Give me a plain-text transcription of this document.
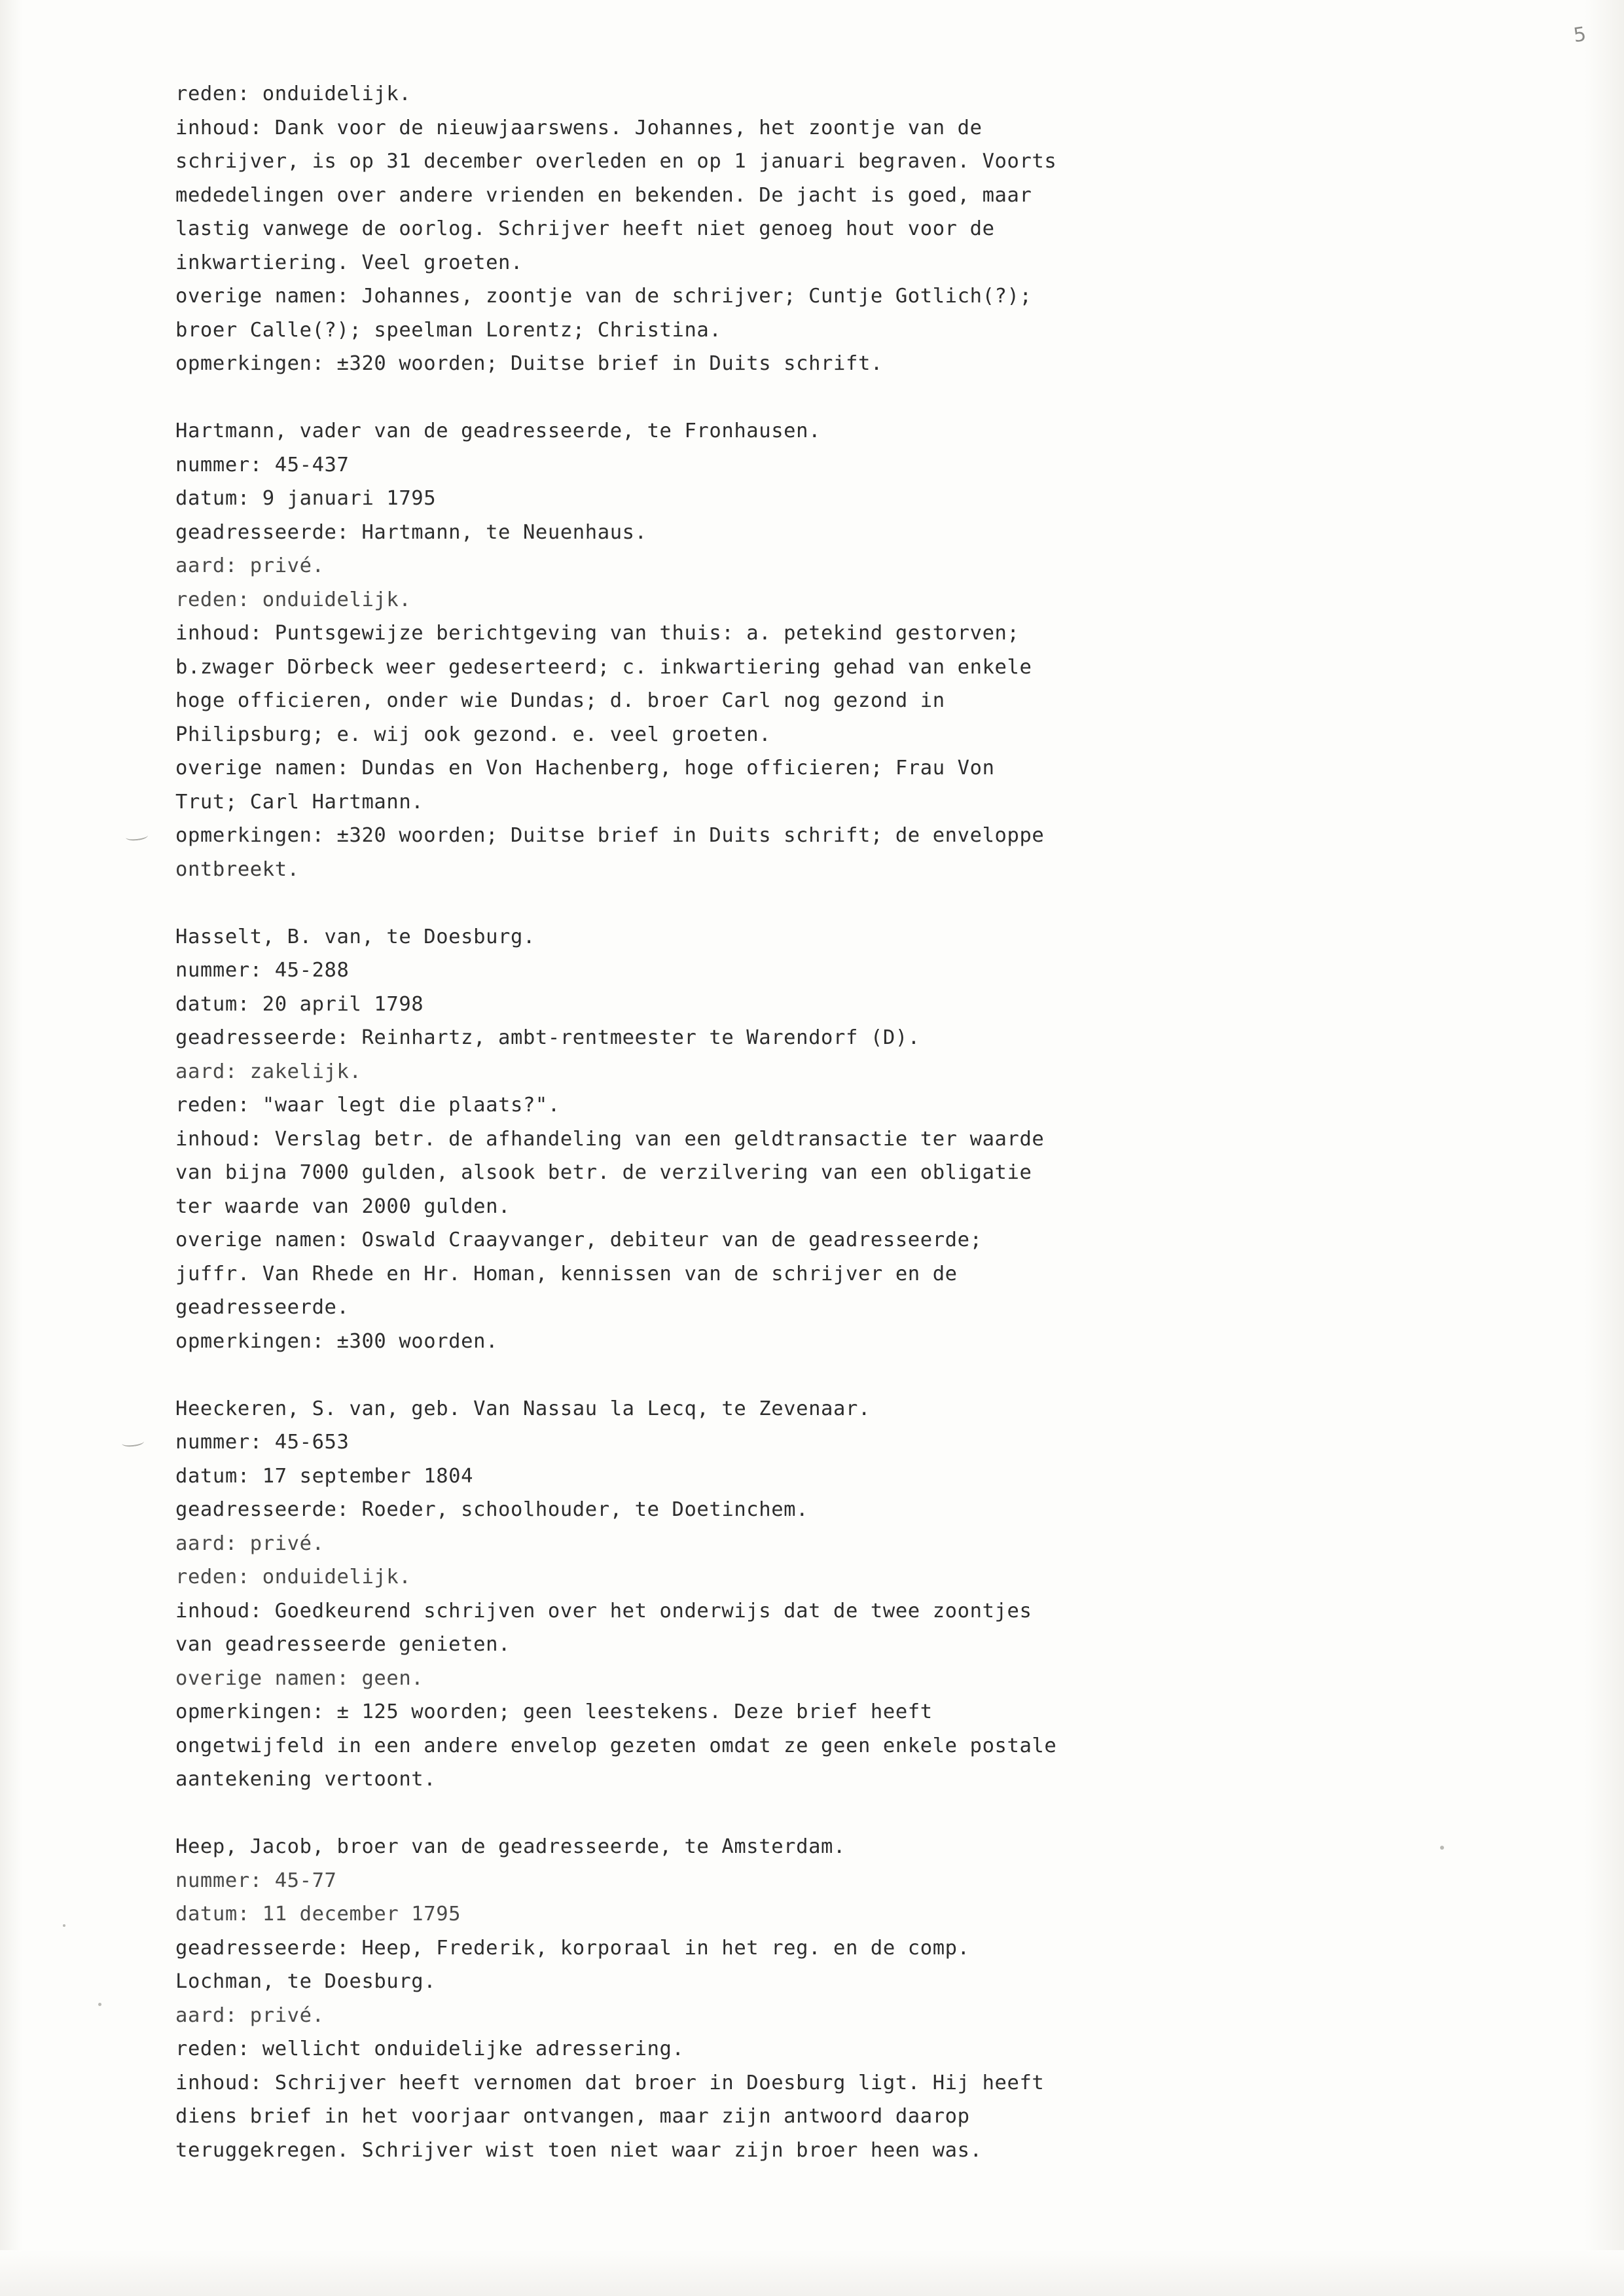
5
reden: onduidelijk.
inhoud: Dank voor de nieuwjaarswens. Johannes, het zoontje van de
schrijver, is op 31 december overleden en op 1 januari begraven. Voorts
mededelingen over andere vrienden en bekenden. De jacht is goed, maar
lastig vanwege de oorlog. Schrijver heeft niet genoeg hout voor de
inkwartiering. Veel groeten.
overige namen: Johannes, zoontje van de schrijver; Cuntje Gotlich(?);
broer Calle(?); speelman Lorentz; Christina.
opmerkingen: ±320 woorden; Duitse brief in Duits schrift.
Hartmann, vader van de geadresseerde, te Fronhausen.
nummer: 45-437
datum: 9 januari 1795
geadresseerde: Hartmann, te Neuenhaus.
aard: privé.
reden: onduidelijk.
inhoud: Puntsgewijze berichtgeving van thuis: a. petekind gestorven;
b.zwager Dörbeck weer gedeserteerd; c. inkwartiering gehad van enkele
hoge officieren, onder wie Dundas; d. broer Carl nog gezond in
Philipsburg; e. wij ook gezond. e. veel groeten.
overige namen: Dundas en Von Hachenberg, hoge officieren; Frau Von
Trut; Carl Hartmann.
opmerkingen: ±320 woorden; Duitse brief in Duits schrift; de enveloppe
ontbreekt.
Hasselt, B. van, te Doesburg.
nummer: 45-288
datum: 20 april 1798
geadresseerde: Reinhartz, ambt-rentmeester te Warendorf (D).
aard: zakelijk.
reden: "waar legt die plaats?".
inhoud: Verslag betr. de afhandeling van een geldtransactie ter waarde
van bijna 7000 gulden, alsook betr. de verzilvering van een obligatie
ter waarde van 2000 gulden.
overige namen: Oswald Craayvanger, debiteur van de geadresseerde;
juffr. Van Rhede en Hr. Homan, kennissen van de schrijver en de
geadresseerde.
opmerkingen: ±300 woorden.
Heeckeren, S. van, geb. Van Nassau la Lecq, te Zevenaar.
nummer: 45-653
datum: 17 september 1804
geadresseerde: Roeder, schoolhouder, te Doetinchem.
aard: privé.
reden: onduidelijk.
inhoud: Goedkeurend schrijven over het onderwijs dat de twee zoontjes
van geadresseerde genieten.
overige namen: geen.
opmerkingen: ± 125 woorden; geen leestekens. Deze brief heeft
ongetwijfeld in een andere envelop gezeten omdat ze geen enkele postale
aantekening vertoont.
Heep, Jacob, broer van de geadresseerde, te Amsterdam.
nummer: 45-77
datum: 11 december 1795
geadresseerde: Heep, Frederik, korporaal in het reg. en de comp.
Lochman, te Doesburg.
aard: privé.
reden: wellicht onduidelijke adressering.
inhoud: Schrijver heeft vernomen dat broer in Doesburg ligt. Hij heeft
diens brief in het voorjaar ontvangen, maar zijn antwoord daarop
teruggekregen. Schrijver wist toen niet waar zijn broer heen was.
